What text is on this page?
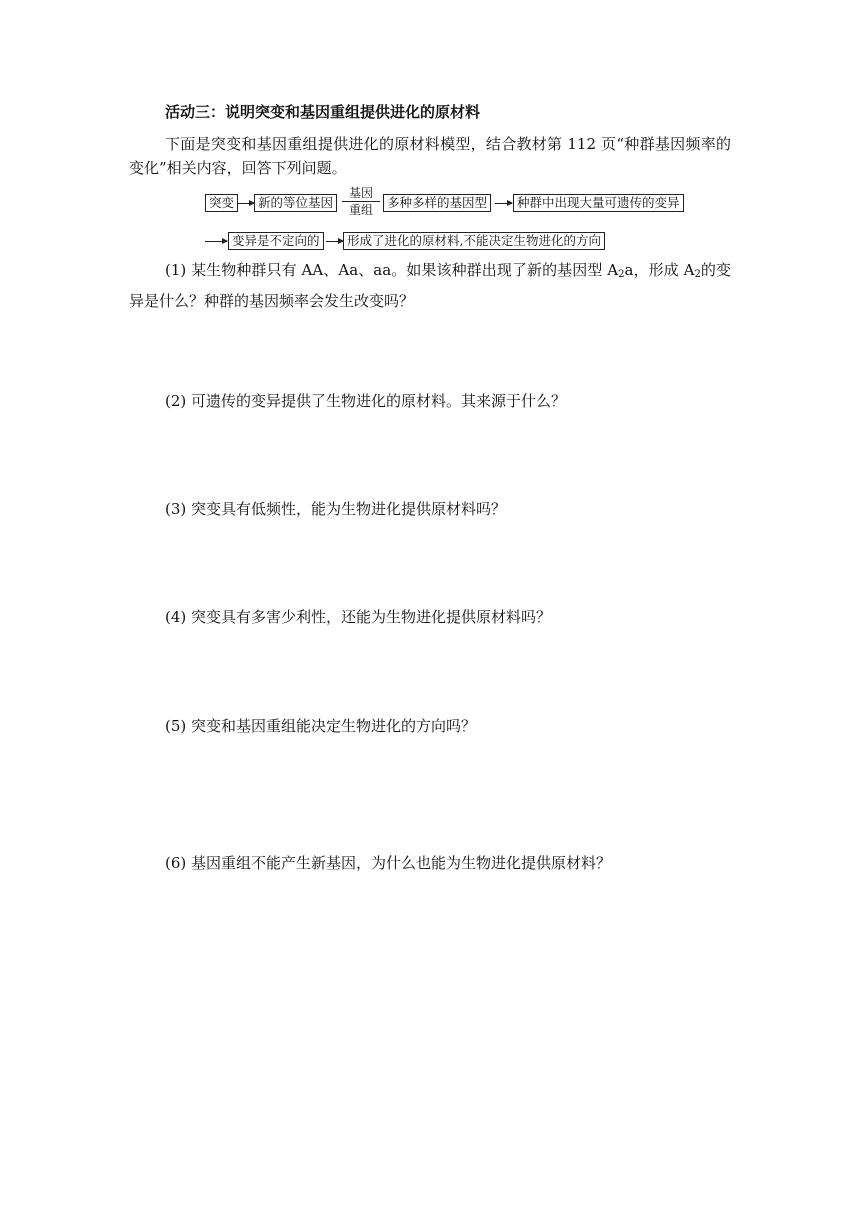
活动三：说明突变和基因重组提供进化的原材料
下面是突变和基因重组提供进化的原材料模型，结合教材第 112 页“种群基因频率的变化”相关内容，回答下列问题。
突变	新的等位基因
基因
重组	多种多样的基因型	种群中出现大量可遗传的变异
变异是不定向的	形成了进化的原材料,不能决定生物进化的方向
(1) 某生物种群只有 AA、Aa、aa。如果该种群出现了新的基因型 $A_2a$，形成 $A_2$的变异是什么？种群的基因频率会发生改变吗？
(2) 可遗传的变异提供了生物进化的原材料。其来源于什么？
(3) 突变具有低频性，能为生物进化提供原材料吗？
(4) 突变具有多害少利性，还能为生物进化提供原材料吗？
(5) 突变和基因重组能决定生物进化的方向吗？
(6) 基因重组不能产生新基因，为什么也能为生物进化提供原材料？
